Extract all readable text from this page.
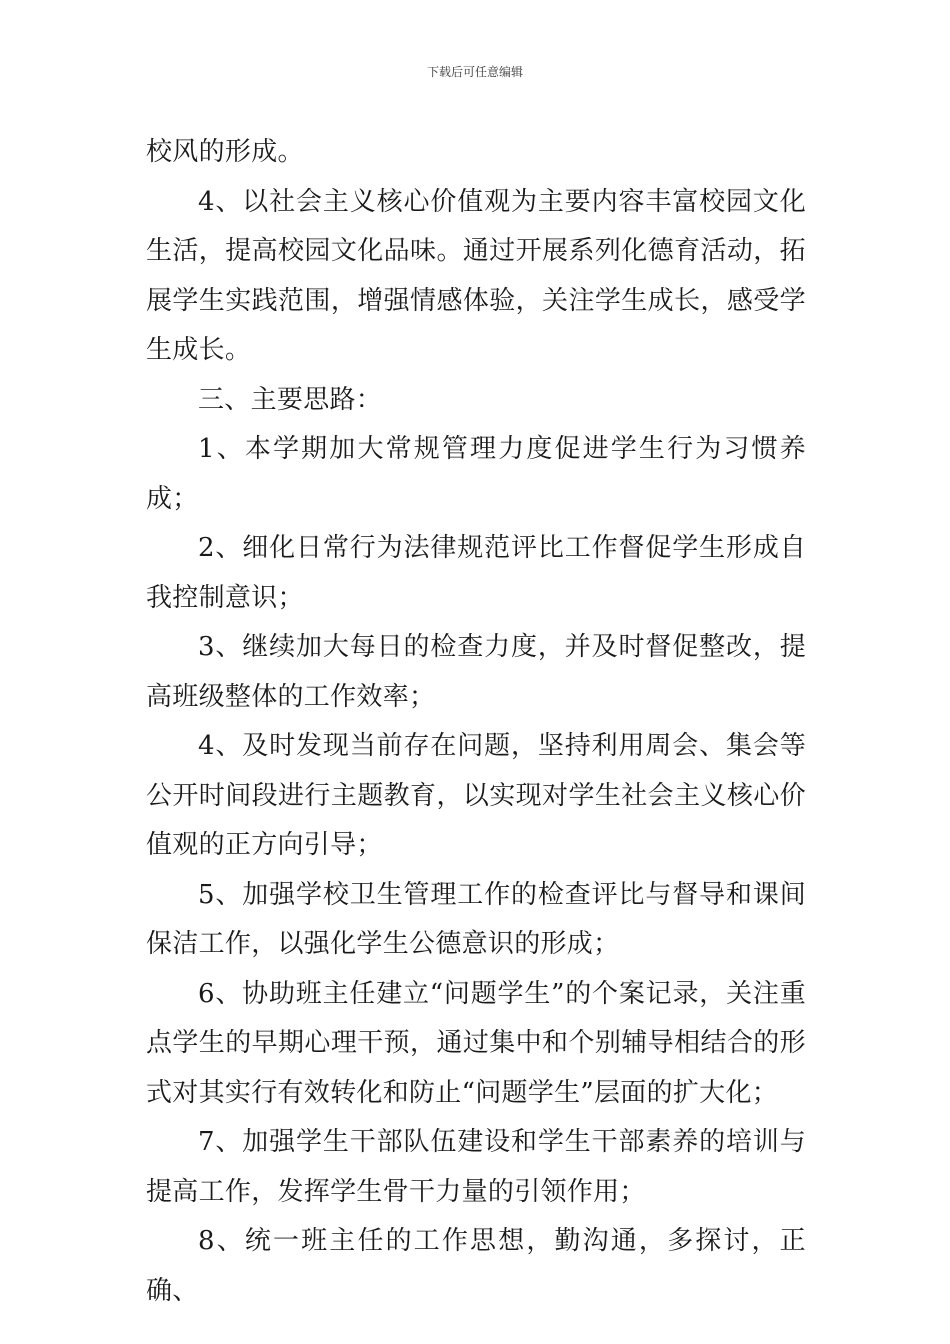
下载后可任意编辑

校风的形成。

4、以社会主义核心价值观为主要内容丰富校园文化生活，提高校园文化品味。通过开展系列化德育活动，拓展学生实践范围，增强情感体验，关注学生成长，感受学生成长。

三、主要思路：

1、本学期加大常规管理力度促进学生行为习惯养成；

2、细化日常行为法律规范评比工作督促学生形成自我控制意识；

3、继续加大每日的检查力度，并及时督促整改，提高班级整体的工作效率；

4、及时发现当前存在问题，坚持利用周会、集会等公开时间段进行主题教育，以实现对学生社会主义核心价值观的正方向引导；

5、加强学校卫生管理工作的检查评比与督导和课间保洁工作，以强化学生公德意识的形成；

6、协助班主任建立“问题学生”的个案记录，关注重点学生的早期心理干预，通过集中和个别辅导相结合的形式对其实行有效转化和防止“问题学生”层面的扩大化；

7、加强学生干部队伍建设和学生干部素养的培训与提高工作，发挥学生骨干力量的引领作用；

8、统一班主任的工作思想，勤沟通，多探讨，正确、
